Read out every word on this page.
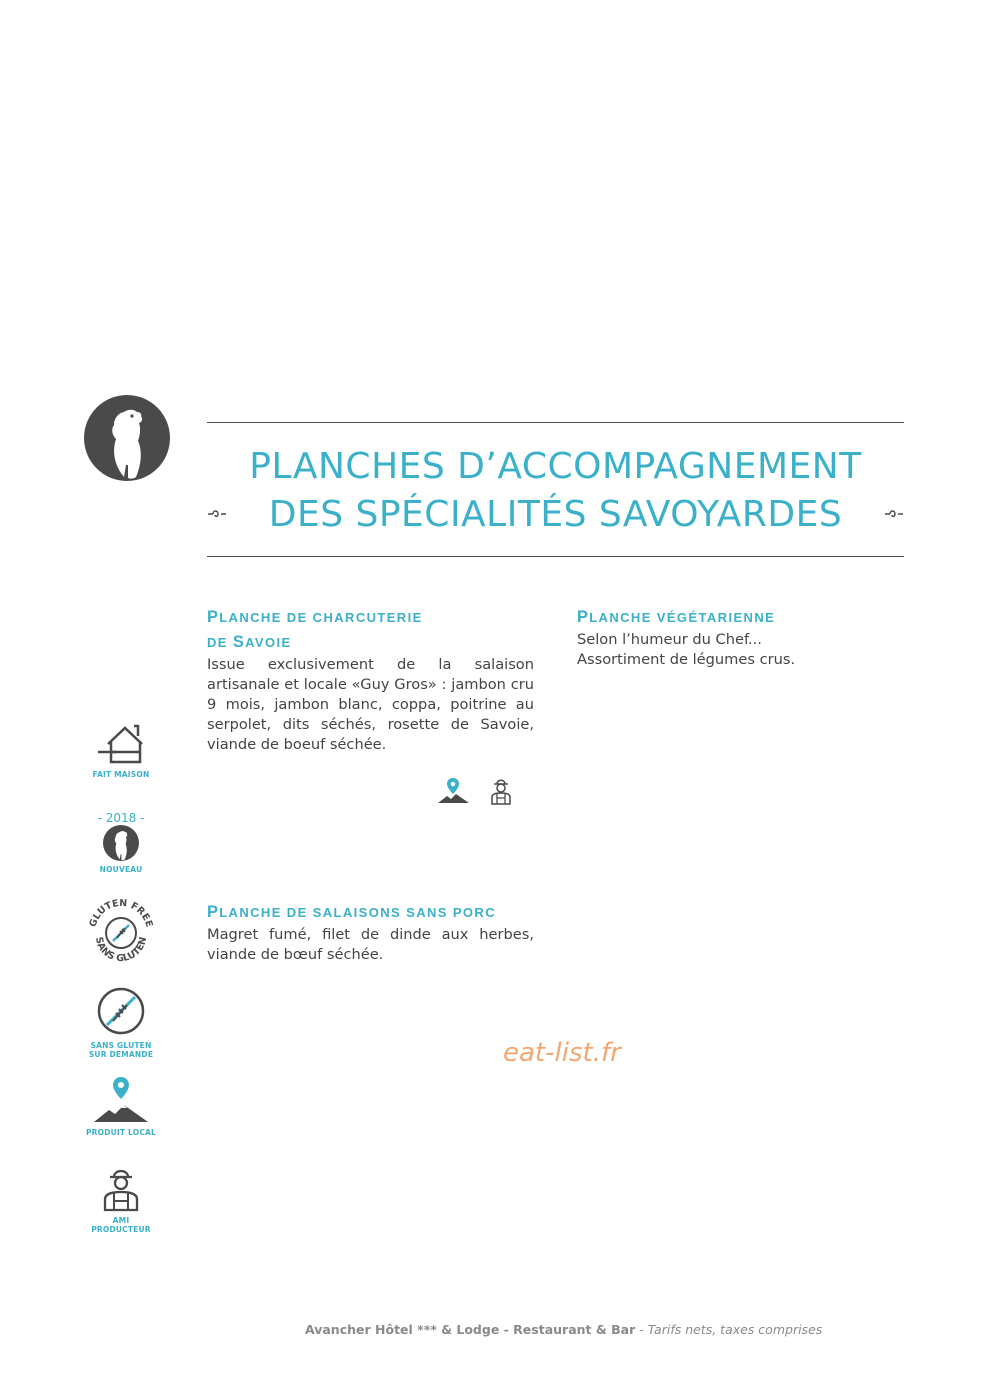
PLANCHES D’ACCOMPAGNEMENT
DES SPÉCIALITÉS SAVOYARDES
PLANCHE DE CHARCUTERIE
DE SAVOIE
Issue exclusivement de la salaison artisanale et locale «Guy Gros» : jambon cru 9 mois, jambon blanc, coppa, poitrine au serpolet, dits séchés, rosette de Savoie, viande de boeuf séchée.
PLANCHE VÉGÉTARIENNE
Selon l’humeur du Chef...
Assortiment de légumes crus.
PLANCHE DE SALAISONS SANS PORC
Magret fumé, filet de dinde aux herbes, viande de bœuf séchée.
FAIT MAISON
- 2018 -
NOUVEAU
GLUTEN FREE
SANS GLUTEN
SANS GLUTEN
SUR DEMANDE
PRODUIT LOCAL
AMI PRODUCTEUR
eat-list.fr
Avancher Hôtel *** & Lodge - Restaurant & Bar - Tarifs nets, taxes comprises
